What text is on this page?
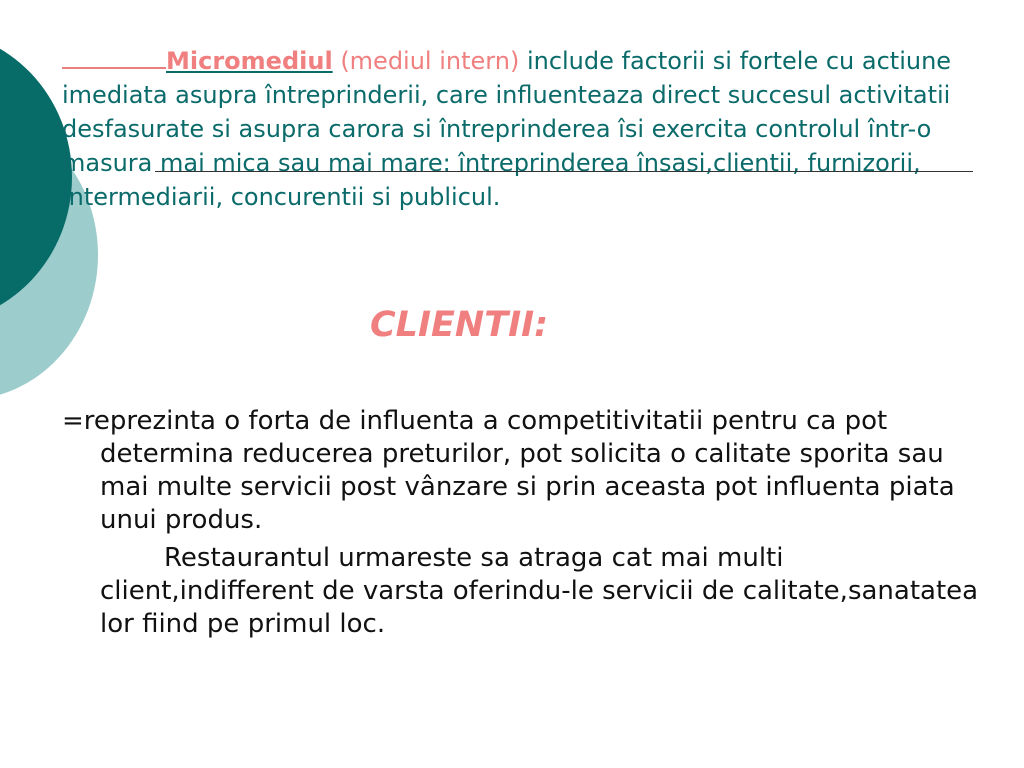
Micromediul (mediul intern) include factorii si fortele cu actiune imediata asupra întreprinderii, care influenteaza direct succesul activitatii desfasurate si asupra carora si întreprinderea îsi exercita controlul într-o masura mai mica sau mai mare: întreprinderea însasi,clientii, furnizorii, intermediarii, concurentii si publicul.

CLIENTII:

=reprezinta o forta de influenta a competitivitatii pentru ca pot determina reducerea preturilor, pot solicita o calitate sporita sau mai multe servicii post vânzare si prin aceasta pot influenta piata unui produs.

Restaurantul urmareste sa atraga cat mai multi client,indifferent de varsta oferindu-le servicii de calitate,sanatatea lor fiind pe primul loc.
